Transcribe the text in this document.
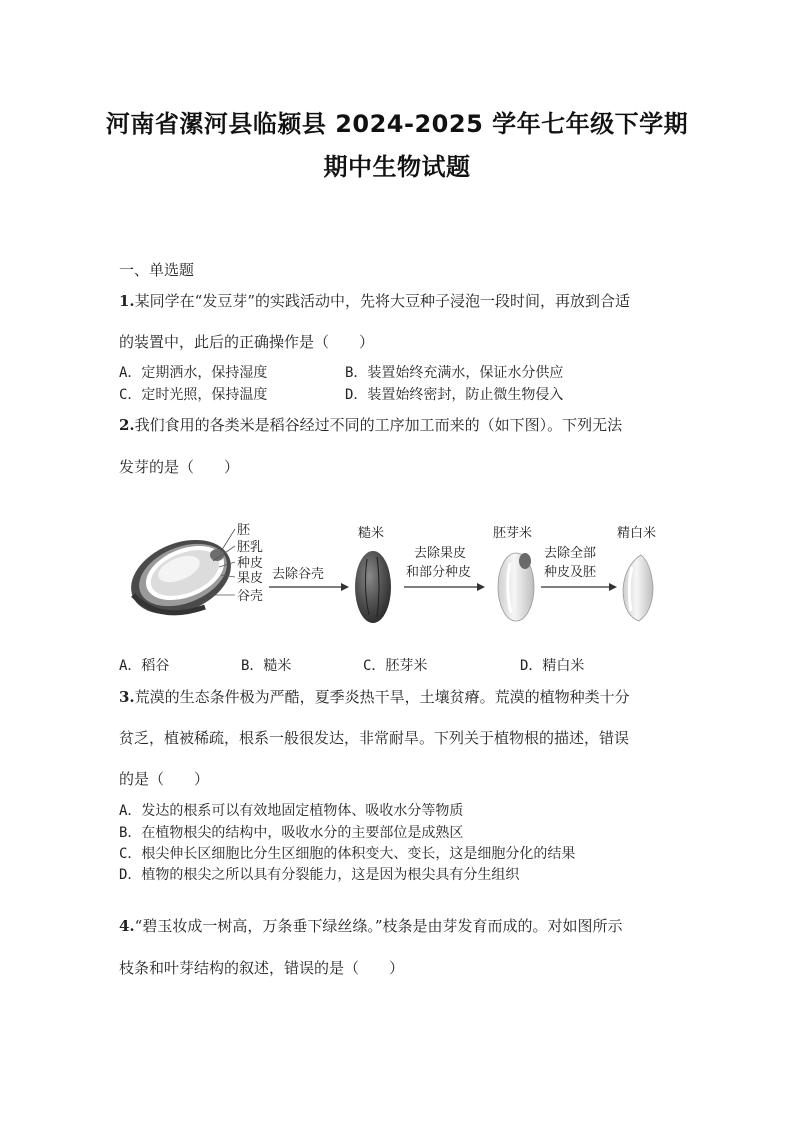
河南省漯河县临颍县 2024-2025 学年七年级下学期
期中生物试题
一、单选题
1.某同学在“发豆芽”的实践活动中，先将大豆种子浸泡一段时间，再放到合适
的装置中，此后的正确操作是（　　）
A．定期洒水，保持湿度	B．装置始终充满水，保证水分供应
C．定时光照，保持温度	D．装置始终密封，防止微生物侵入
2.我们食用的各类米是稻谷经过不同的工序加工而来的（如下图）。下列无法
发芽的是（　　）
胚
胚乳
种皮
果皮
谷壳
去除谷壳
糙米
去除果皮
和部分种皮
胚芽米
去除全部
种皮及胚
精白米
A．稻谷	B．糙米	C．胚芽米	D．精白米
3.荒漠的生态条件极为严酷，夏季炎热干旱，土壤贫瘠。荒漠的植物种类十分
贫乏，植被稀疏，根系一般很发达，非常耐旱。下列关于植物根的描述，错误
的是（　　）
A．发达的根系可以有效地固定植物体、吸收水分等物质
B．在植物根尖的结构中，吸收水分的主要部位是成熟区
C．根尖伸长区细胞比分生区细胞的体积变大、变长，这是细胞分化的结果
D．植物的根尖之所以具有分裂能力，这是因为根尖具有分生组织
4.“碧玉妆成一树高，万条垂下绿丝绦。”枝条是由芽发育而成的。对如图所示
枝条和叶芽结构的叙述，错误的是（　　）
